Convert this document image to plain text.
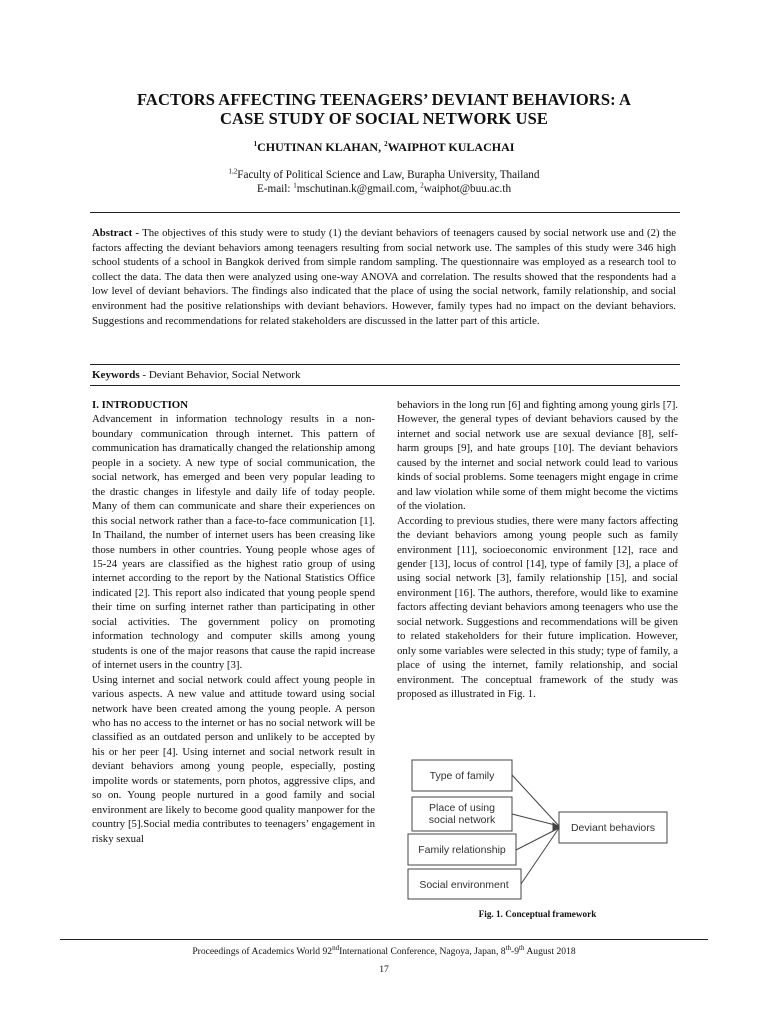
FACTORS AFFECTING TEENAGERS’ DEVIANT BEHAVIORS: A
CASE STUDY OF SOCIAL NETWORK USE
$^1$CHUTINAN KLAHAN, $^2$WAIPHOT KULACHAI
$^{1,2}$Faculty of Political Science and Law, Burapha University, Thailand
E-mail: $^1$mschutinan.k@gmail.com, $^2$waiphot@buu.ac.th
Abstract - The objectives of this study were to study (1) the deviant behaviors of teenagers caused by social network use and (2) the factors affecting the deviant behaviors among teenagers resulting from social network use. The samples of this study were 346 high school students of a school in Bangkok derived from simple random sampling. The questionnaire was employed as a research tool to collect the data. The data then were analyzed using one-way ANOVA and correlation. The results showed that the respondents had a low level of deviant behaviors. The findings also indicated that the place of using the social network, family relationship, and social environment had the positive relationships with deviant behaviors. However, family types had no impact on the deviant behaviors. Suggestions and recommendations for related stakeholders are discussed in the latter part of this article.
Keywords - Deviant Behavior, Social Network

I. INTRODUCTION

Advancement in information technology results in a non-boundary communication through internet. This pattern of communication has dramatically changed the relationship among people in a society. A new type of social communication, the social network, has emerged and been very popular leading to the drastic changes in lifestyle and daily life of today people. Many of them can communicate and share their experiences on this social network rather than a face-to-face communication [1]. In Thailand, the number of internet users has been creasing like those numbers in other countries. Young people whose ages of 15-24 years are classified as the highest ratio group of using internet according to the report by the National Statistics Office indicated [2]. This report also indicated that young people spend their time on surfing internet rather than participating in other social activities. The government policy on promoting information technology and computer skills among young students is one of the major reasons that cause the rapid increase of internet users in the country [3].

Using internet and social network could affect young people in various aspects. A new value and attitude toward using social network have been created among the young people. A person who has no access to the internet or has no social network will be classified as an outdated person and unlikely to be accepted by his or her peer [4]. Using internet and social network result in deviant behaviors among young people, especially, posting impolite words or statements, porn photos, aggressive clips, and so on. Young people nurtured in a good family and social environment are likely to become good quality manpower for the country [5].Social media contributes to teenagers’ engagement in risky sexual

behaviors in the long run [6] and fighting among young girls [7]. However, the general types of deviant behaviors caused by the internet and social network use are sexual deviance [8], self-harm groups [9], and hate groups [10]. The deviant behaviors caused by the internet and social network could lead to various kinds of social problems. Some teenagers might engage in crime and law violation while some of them might become the victims of the violation.

According to previous studies, there were many factors affecting the deviant behaviors among young people such as family environment [11], socioeconomic environment [12], race and gender [13], locus of control [14], type of family [3], a place of using social network [3], family relationship [15], and social environment [16]. The authors, therefore, would like to examine factors affecting deviant behaviors among teenagers who use the social network. Suggestions and recommendations will be given to related stakeholders for their future implication. However, only some variables were selected in this study; type of family, a place of using the internet, family relationship, and social environment. The conceptual framework of the study was proposed as illustrated in Fig. 1.

Type of family
Place of using
social network
Family relationship
Social environment
Deviant behaviors
Fig. 1. Conceptual framework
Proceedings of Academics World 92ndInternational Conference, Nagoya, Japan, 8th-9th August 2018
17
